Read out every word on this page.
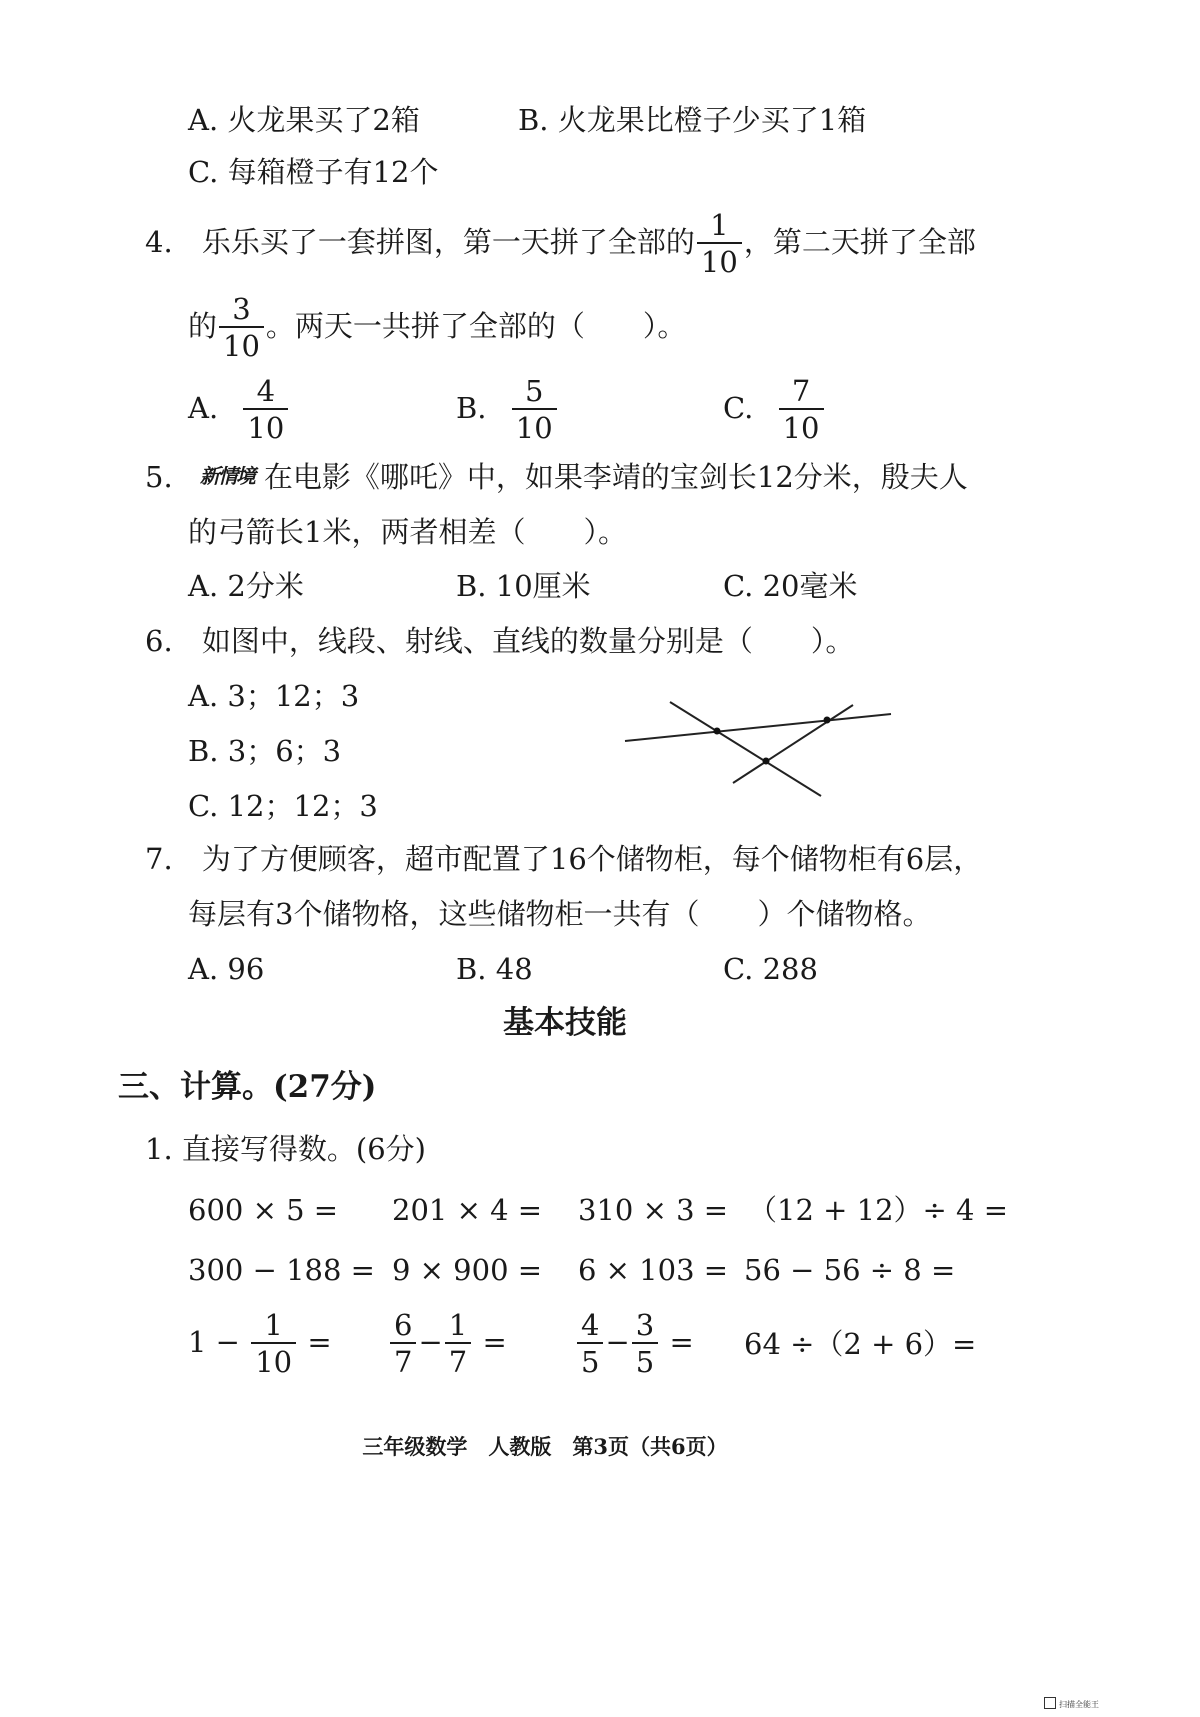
A. 火龙果买了2箱	B. 火龙果比橙子少买了1箱
C. 每箱橙子有12个
4. 乐乐买了一套拼图，第一天拼了全部的 $\frac{1}{10}$ ，第二天拼了全部
的 $\frac{3}{10}$ 。两天一共拼了全部的（　　）。
A. $\frac{4}{10}$	B. $\frac{5}{10}$	C. $\frac{7}{10}$
5. 新情境 在电影《哪吒》中，如果李靖的宝剑长12分米，殷夫人
的弓箭长1米，两者相差（　　）。
A. 2分米	B. 10厘米	C. 20毫米
6. 如图中，线段、射线、直线的数量分别是（　　）。
A. 3；12；3
B. 3；6；3
C. 12；12；3
7. 为了方便顾客，超市配置了16个储物柜，每个储物柜有6层，
每层有3个储物格，这些储物柜一共有（　　）个储物格。
A. 96	B. 48	C. 288
基本技能
三、计算。(27分)
1. 直接写得数。(6分)
600 × 5 = 201 × 4 = 310 × 3 = （12 + 12）÷ 4 =
300 − 188 = 9 × 900 = 6 × 103 = 56 − 56 ÷ 8 =
$1 - \frac{1}{10} = \frac{6}{7} - \frac{1}{7} = \frac{4}{5} - \frac{3}{5} = 64 \div(2 + 6)=$
三年级数学　人教版　第3页（共6页）
扫描全能王
